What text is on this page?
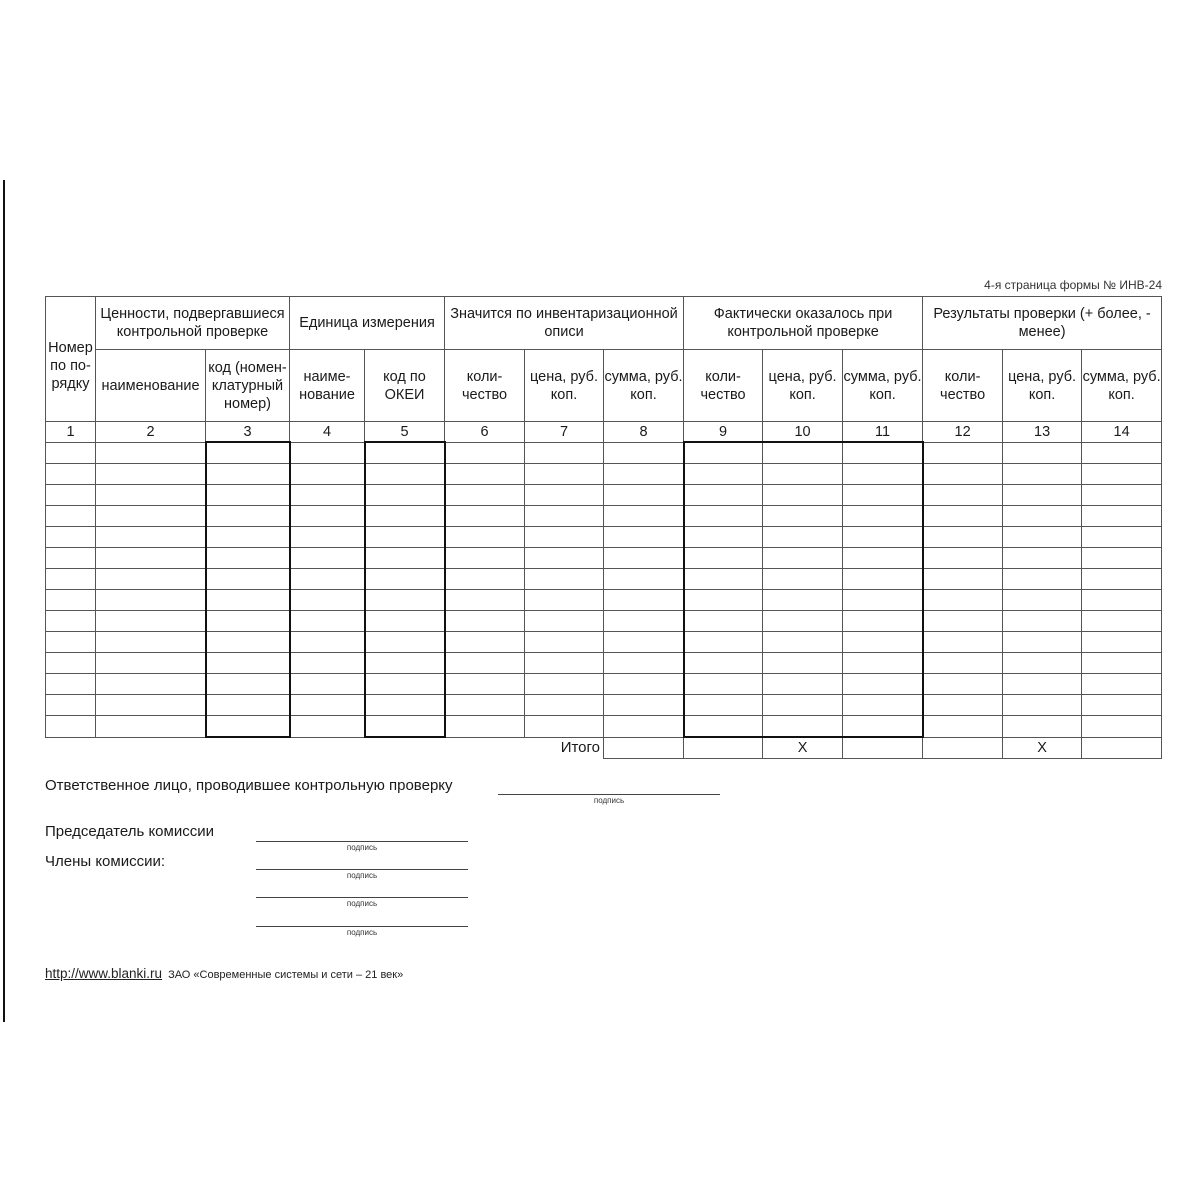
4-я страница формы № ИНВ-24
Номер по по-рядку	Ценности, подвергавшиеся контрольной проверке		Единица измерения		Значится по инвентаризационной описи			Фактически оказалось при контрольной проверке			Результаты проверки (+ более, - менее)		
	наименование	код (номен-клатурный номер)	наиме-нование	код по ОКЕИ	коли-чество	цена, руб. коп.	сумма, руб. коп.	коли-чество	цена, руб. коп.	сумма, руб. коп.	коли-чество	цена, руб. коп.	сумма, руб. коп.
1	2	3	4	5	6	7	8	9	10	11	12	13	14

					Итого				Х			Х	
Ответственное лицо, проводившее контрольную проверку
подпись
Председатель комиссии
подпись
Члены комиссии:
подпись
подпись
подпись
http://www.blanki.ru ЗАО «Современные системы и сети – 21 век»
